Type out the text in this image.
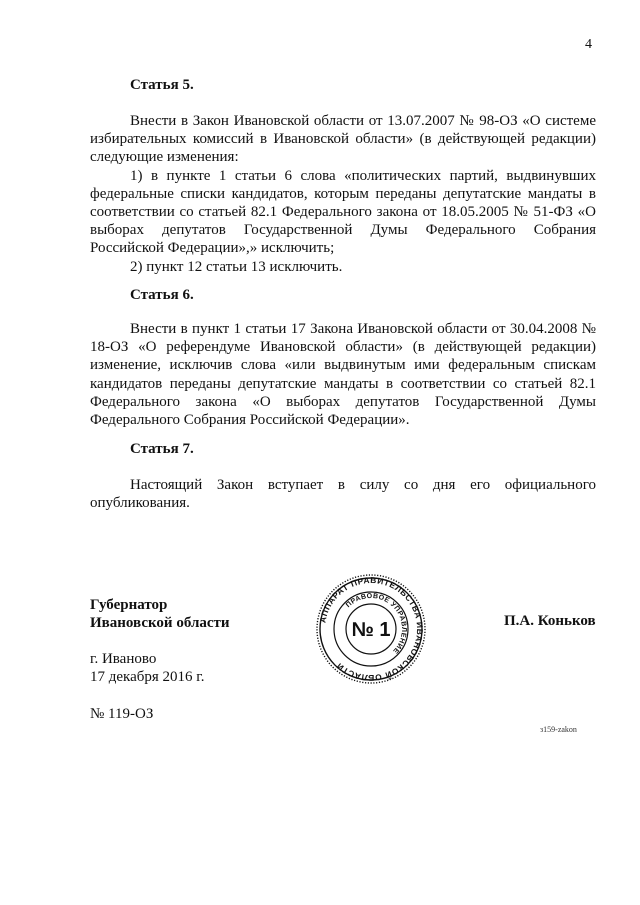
4
Статья 5.

Внести в Закон Ивановской области от 13.07.2007 № 98-ОЗ «О системе избирательных комиссий в Ивановской области» (в действующей редакции) следующие изменения:

1) в пункте 1 статьи 6 слова «политических партий, выдвинувших федеральные списки кандидатов, которым переданы депутатские мандаты в соответствии со статьей 82.1 Федерального закона от 18.05.2005 № 51-ФЗ «О выборах депутатов Государственной Думы Федерального Собрания Российской Федерации»,» исключить;

2) пункт 12 статьи 13 исключить.

Статья 6.

Внести в пункт 1 статьи 17 Закона Ивановской области от 30.04.2008 № 18-ОЗ «О референдуме Ивановской области» (в действующей редакции) изменение, исключив слова «или выдвинутым ими федеральным спискам кандидатов переданы депутатские мандаты в соответствии со статьей 82.1 Федерального закона «О выборах депутатов Государственной Думы Федерального Собрания Российской Федерации».

Статья 7.

Настоящий Закон вступает в силу со дня его официального опубликования.

Губернатор
Ивановской области	П.А. Коньков
г. Иваново
17 декабря 2016 г.
№ 119-ОЗ
АППАРАТ ПРАВИТЕЛЬСТВА ИВАНОВСКОЙ ОБЛАСТИ
ПРАВОВОЕ УПРАВЛЕНИЕ
№ 1
з159-zakon
